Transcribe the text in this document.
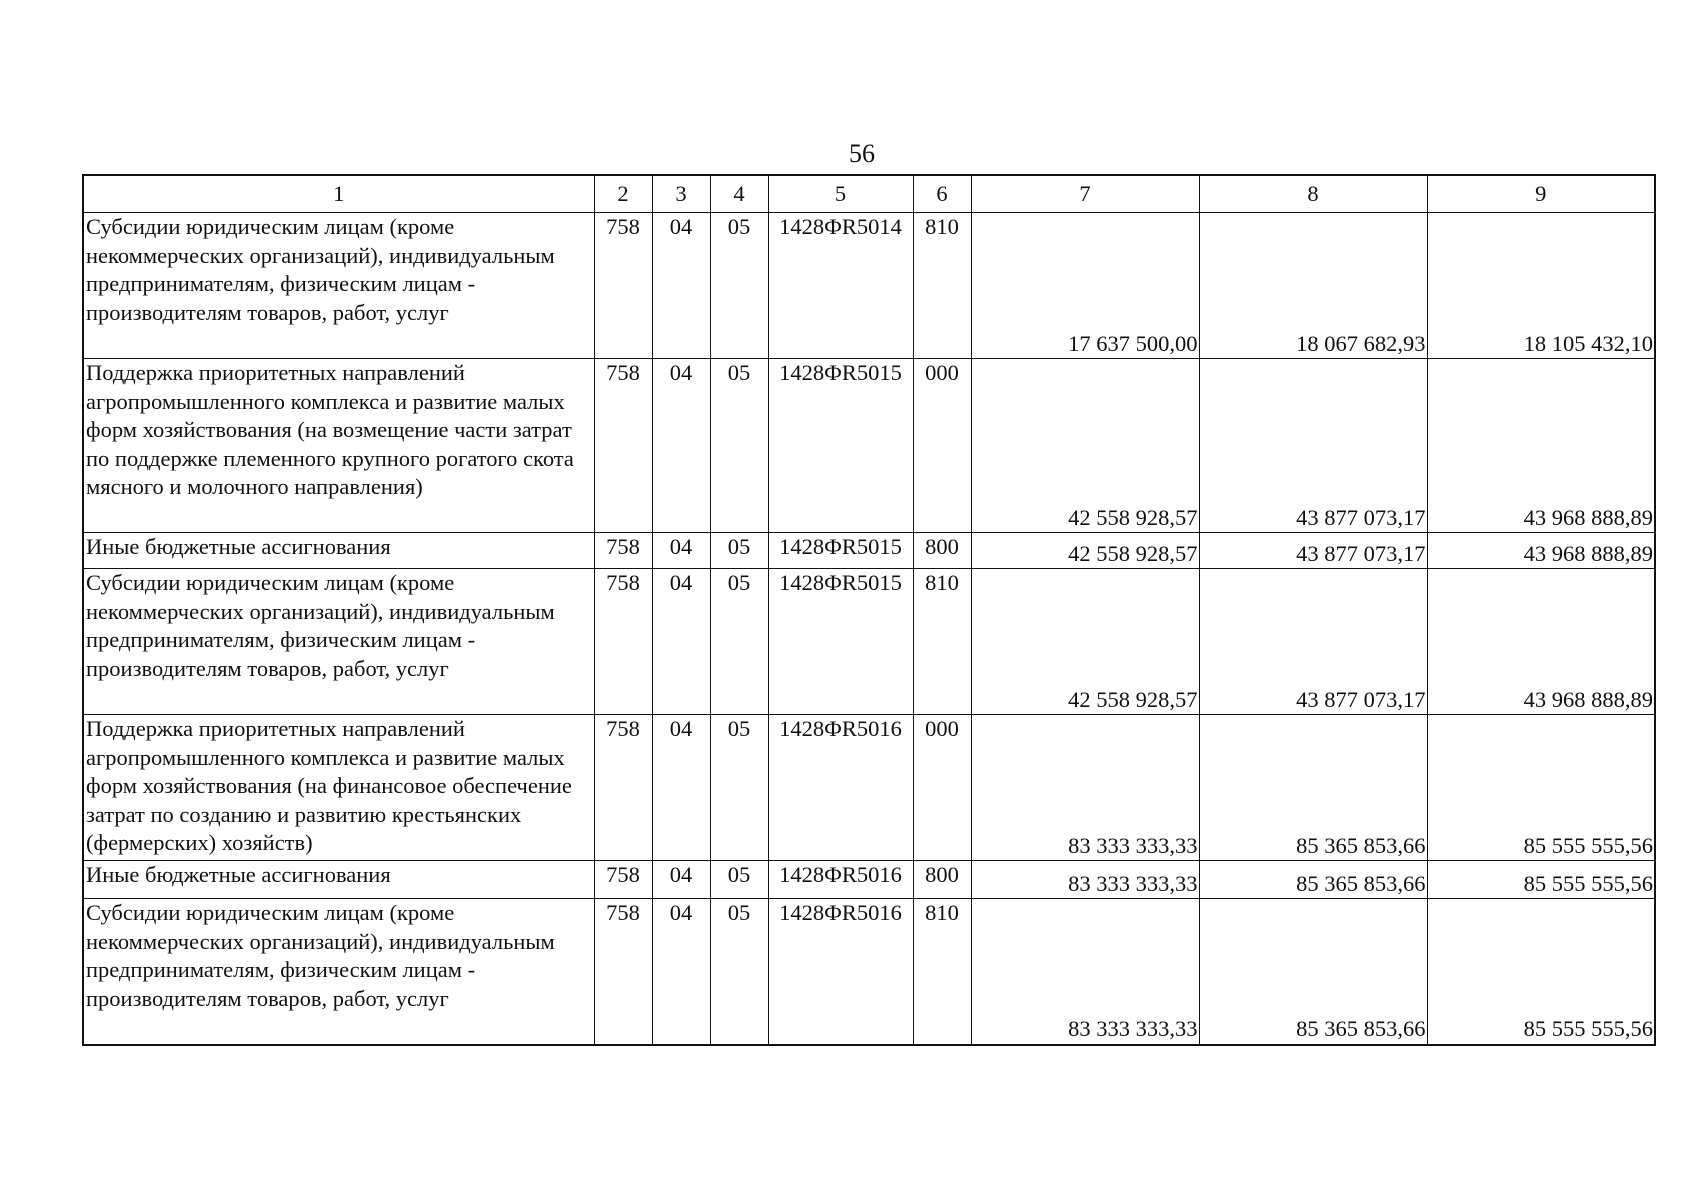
56
1	2	3	4	5	6	7	8	9
Субсидии юридическим лицам (кроме некоммерческих организаций), индивидуальным предпринимателям, физическим лицам - производителям товаров, работ, услуг	758	04	05	1428ФR5014	810	17 637 500,00	18 067 682,93	18 105 432,10
Поддержка приоритетных направлений агропромышленного комплекса и развитие малых форм хозяйствования (на возмещение части затрат по поддержке племенного крупного рогатого скота мясного и молочного направления)	758	04	05	1428ФR5015	000	42 558 928,57	43 877 073,17	43 968 888,89
Иные бюджетные ассигнования	758	04	05	1428ФR5015	800	42 558 928,57	43 877 073,17	43 968 888,89
Субсидии юридическим лицам (кроме некоммерческих организаций), индивидуальным предпринимателям, физическим лицам - производителям товаров, работ, услуг	758	04	05	1428ФR5015	810	42 558 928,57	43 877 073,17	43 968 888,89
Поддержка приоритетных направлений агропромышленного комплекса и развитие малых форм хозяйствования (на финансовое обеспечение затрат по созданию и развитию крестьянских (фермерских) хозяйств)	758	04	05	1428ФR5016	000	83 333 333,33	85 365 853,66	85 555 555,56
Иные бюджетные ассигнования	758	04	05	1428ФR5016	800	83 333 333,33	85 365 853,66	85 555 555,56
Субсидии юридическим лицам (кроме некоммерческих организаций), индивидуальным предпринимателям, физическим лицам - производителям товаров, работ, услуг	758	04	05	1428ФR5016	810	83 333 333,33	85 365 853,66	85 555 555,56
